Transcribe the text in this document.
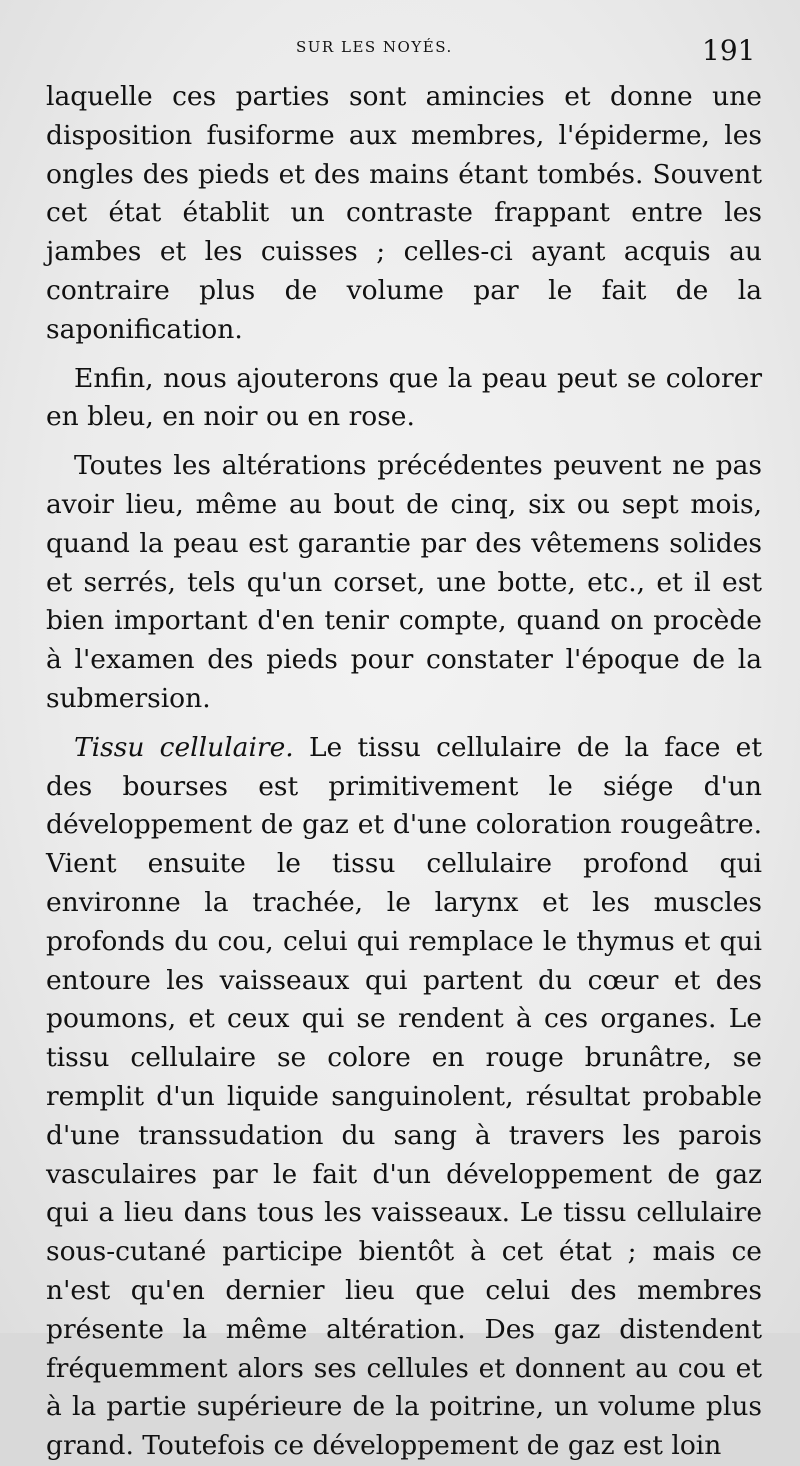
SUR LES NOYÉS.	191

laquelle ces parties sont amincies et donne une disposition fusiforme aux membres, l'épiderme, les ongles des pieds et des mains étant tombés. Souvent cet état établit un contraste frappant entre les jambes et les cuisses ; celles-ci ayant acquis au contraire plus de volume par le fait de la saponification.

Enfin, nous ajouterons que la peau peut se colorer en bleu, en noir ou en rose.

Toutes les altérations précédentes peuvent ne pas avoir lieu, même au bout de cinq, six ou sept mois, quand la peau est garantie par des vêtemens solides et serrés, tels qu'un corset, une botte, etc., et il est bien important d'en tenir compte, quand on procède à l'examen des pieds pour constater l'époque de la submersion.

Tissu cellulaire. Le tissu cellulaire de la face et des bourses est primitivement le siége d'un développement de gaz et d'une coloration rougeâtre. Vient ensuite le tissu cellulaire profond qui environne la trachée, le larynx et les muscles profonds du cou, celui qui remplace le thymus et qui entoure les vaisseaux qui partent du cœur et des poumons, et ceux qui se rendent à ces organes. Le tissu cellulaire se colore en rouge brunâtre, se remplit d'un liquide sanguinolent, résultat probable d'une transsudation du sang à travers les parois vasculaires par le fait d'un développement de gaz qui a lieu dans tous les vaisseaux. Le tissu cellulaire sous-cutané participe bientôt à cet état ; mais ce n'est qu'en dernier lieu que celui des membres présente la même altération. Des gaz distendent fréquemment alors ses cellules et donnent au cou et à la partie supérieure de la poitrine, un volume plus grand. Toutefois ce développement de gaz est loin
